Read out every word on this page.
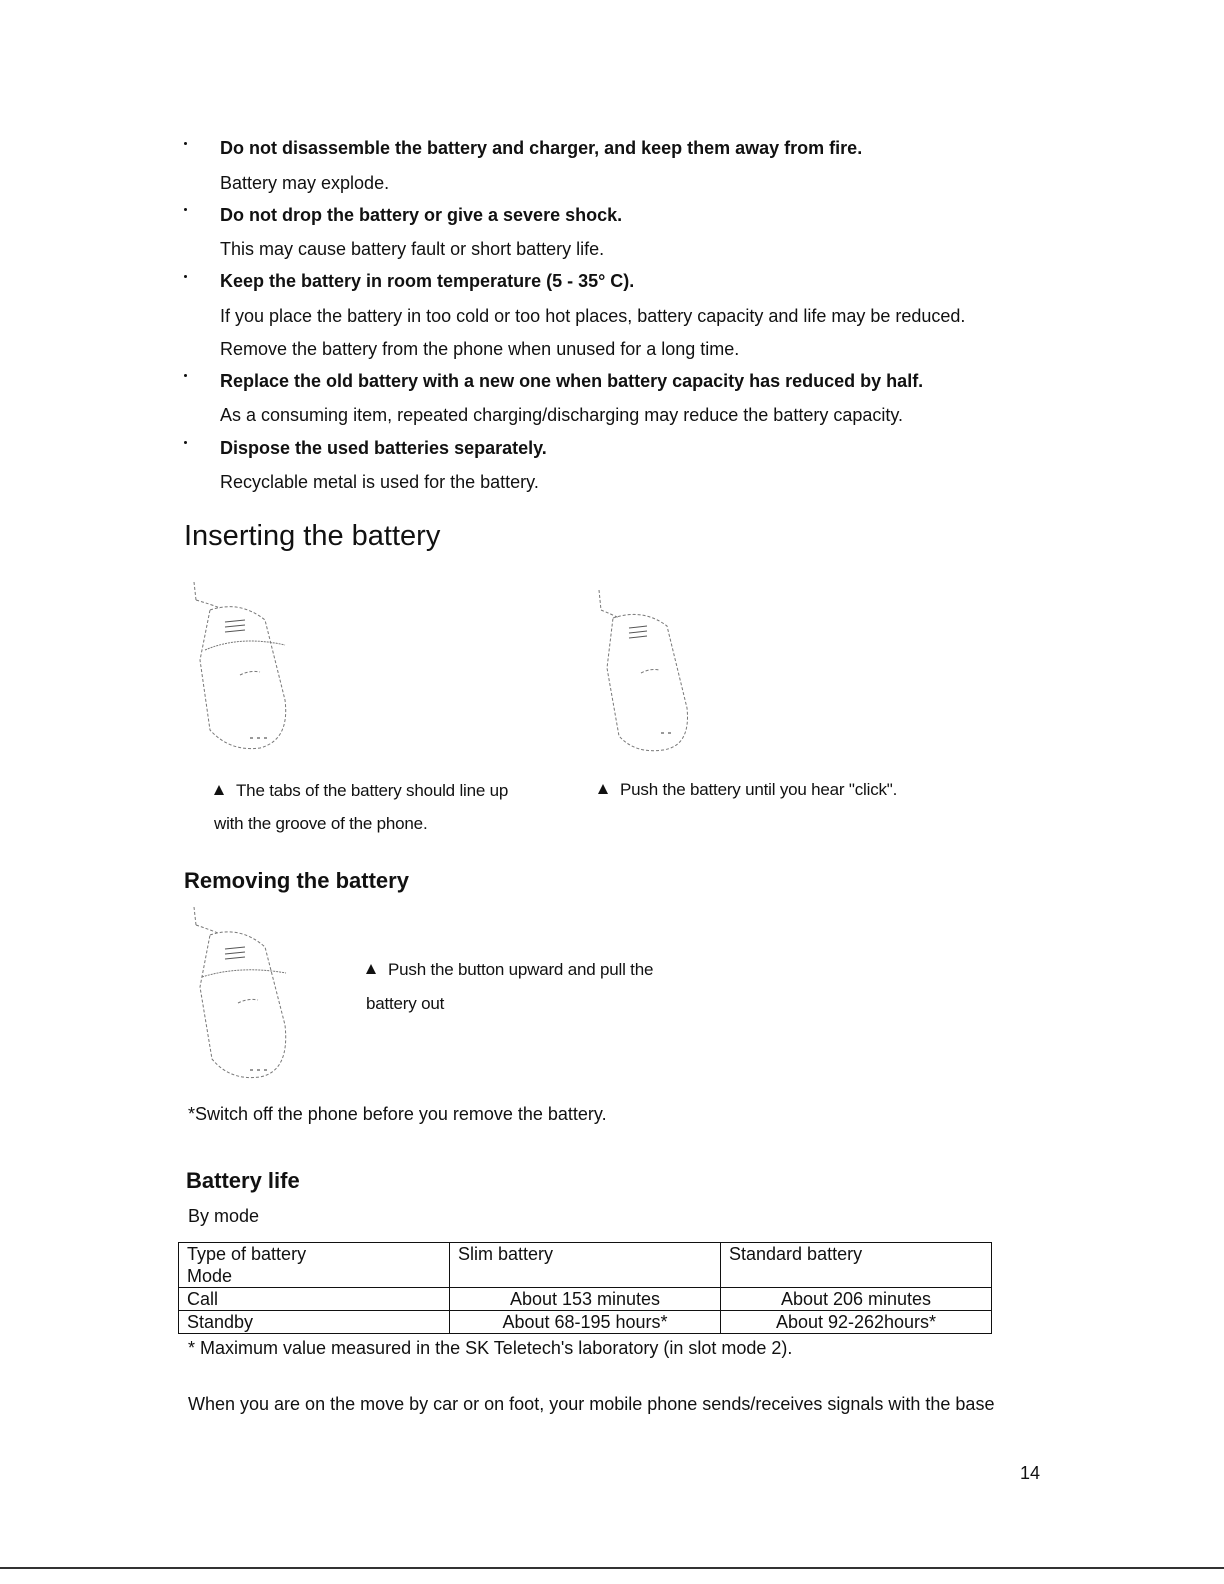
Do not disassemble the battery and charger, and keep them away from fire.
Battery may explode.
Do not drop the battery or give a severe shock.
This may cause battery fault or short battery life.
Keep the battery in room temperature (5 - 35° C).
If you place the battery in too cold or too hot places, battery capacity and life may be reduced.
Remove the battery from the phone when unused for a long time.
Replace the old battery with a new one when battery capacity has reduced by half.
As a consuming item, repeated charging/discharging may reduce the battery capacity.
Dispose the used batteries separately.
Recyclable metal is used for the battery.
Inserting the battery
The tabs of the battery should line up
with the groove of the phone.
Push the battery until you hear "click".
Removing the battery
Push the button upward and pull the
battery out
*Switch off the phone before you remove the battery.
Battery life
By mode
Type of battery
Mode	Slim battery	Standard battery
Call	About 153 minutes	About 206 minutes
Standby	About 68-195 hours*	About 92-262hours*
* Maximum value measured in the SK Teletech's laboratory (in slot mode 2).
When you are on the move by car or on foot, your mobile phone sends/receives signals with the base
14
